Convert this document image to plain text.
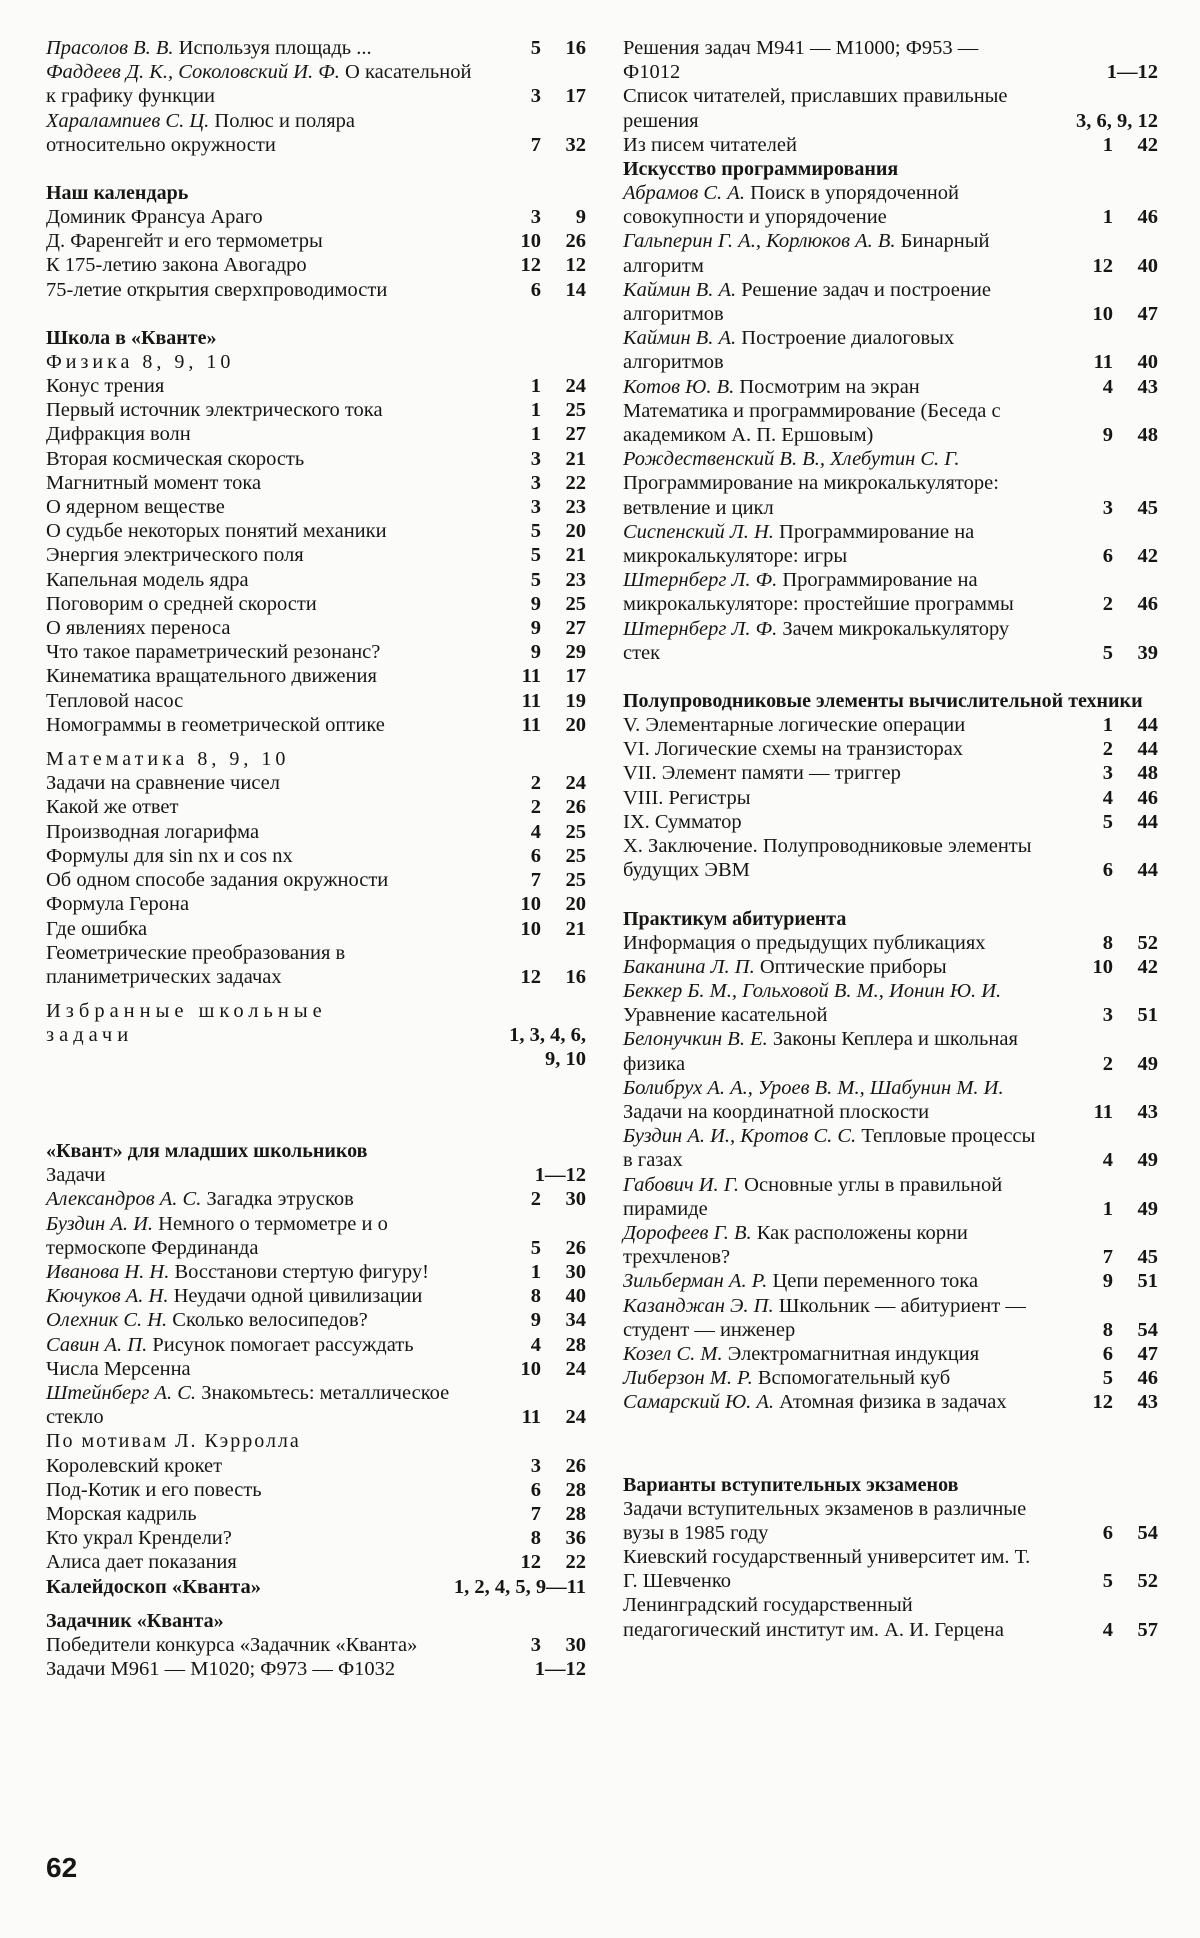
Прасолов В. В. Используя площадь ...	5	16
Фаддеев Д. К., Соколовский И. Ф. О касательной к графику функции	3	17
Харалампиев С. Ц. Полюс и поляра относительно окружности	7	32
Наш календарь
Доминик Франсуа Араго	3	9
Д. Фаренгейт и его термометры	10	26
К 175-летию закона Авогадро	12	12
75-летие открытия сверхпроводимости	6	14
Школа в «Кванте»
Физика 8, 9, 10
Конус трения	1	24
Первый источник электрического тока	1	25
Дифракция волн	1	27
Вторая космическая скорость	3	21
Магнитный момент тока	3	22
О ядерном веществе	3	23
О судьбе некоторых понятий механики	5	20
Энергия электрического поля	5	21
Капельная модель ядра	5	23
Поговорим о средней скорости	9	25
О явлениях переноса	9	27
Что такое параметрический резонанс?	9	29
Кинематика вращательного движения	11	17
Тепловой насос	11	19
Номограммы в геометрической оптике	11	20
Математика 8, 9, 10
Задачи на сравнение чисел	2	24
Какой же ответ	2	26
Производная логарифма	4	25
Формулы для sin nx и cos nx	6	25
Об одном способе задания окружности	7	25
Формула Герона	10	20
Где ошибка	10	21
Геометрические преобразования в планиметрических задачах	12	16
Избранные школьные
задачи	1, 3, 4, 6,
9, 10
«Квант» для младших школьников
Задачи	1—12
Александров А. С. Загадка этрусков	2	30
Буздин А. И. Немного о термометре и о термоскопе Фердинанда	5	26
Иванова Н. Н. Восстанови стертую фигуру!	1	30
Кючуков А. Н. Неудачи одной цивилизации	8	40
Олехник С. Н. Сколько велосипедов?	9	34
Савин А. П. Рисунок помогает рассуждать	4	28
Числа Мерсенна	10	24
Штейнберг А. С. Знакомьтесь: металлическое стекло	11	24
По мотивам Л. Кэрролла
Королевский крокет	3	26
Под-Котик и его повесть	6	28
Морская кадриль	7	28
Кто украл Крендели?	8	36
Алиса дает показания	12	22
Калейдоскоп «Кванта»	1, 2, 4, 5, 9—11
Задачник «Кванта»
Победители конкурса «Задачник «Кванта»	3	30
Задачи М961 — М1020; Ф973 — Ф1032	1—12
Решения задач М941 — М1000; Ф953 — Ф1012	1—12
Список читателей, приславших правильные решения	3, 6, 9, 12
Из писем читателей	1	42
Искусство программирования
Абрамов С. А. Поиск в упорядоченной совокупности и упорядочение	1	46
Гальперин Г. А., Корлюков А. В. Бинарный алгоритм	12	40
Каймин В. А. Решение задач и построение алгоритмов	10	47
Каймин В. А. Построение диалоговых алгоритмов	11	40
Котов Ю. В. Посмотрим на экран	4	43
Математика и программирование (Беседа с академиком А. П. Ершовым)	9	48
Рождественский В. В., Хлебутин С. Г. Программирование на микрокалькуляторе: ветвление и цикл	3	45
Сиспенский Л. Н. Программирование на микрокалькуляторе: игры	6	42
Штернберг Л. Ф. Программирование на микрокалькуляторе: простейшие программы	2	46
Штернберг Л. Ф. Зачем микрокалькулятору стек	5	39
Полупроводниковые элементы вычислительной техники
V. Элементарные логические операции	1	44
VI. Логические схемы на транзисторах	2	44
VII. Элемент памяти — триггер	3	48
VIII. Регистры	4	46
IX. Сумматор	5	44
X. Заключение. Полупроводниковые элементы будущих ЭВМ	6	44
Практикум абитуриента
Информация о предыдущих публикациях	8	52
Баканина Л. П. Оптические приборы	10	42
Беккер Б. М., Гольховой В. М., Ионин Ю. И. Уравнение касательной	3	51
Белонучкин В. Е. Законы Кеплера и школьная физика	2	49
Болибрух А. А., Уроев В. М., Шабунин М. И. Задачи на координатной плоскости	11	43
Буздин А. И., Кротов С. С. Тепловые процессы в газах	4	49
Габович И. Г. Основные углы в правильной пирамиде	1	49
Дорофеев Г. В. Как расположены корни трехчленов?	7	45
Зильберман А. Р. Цепи переменного тока	9	51
Казанджан Э. П. Школьник — абитуриент — студент — инженер	8	54
Козел С. М. Электромагнитная индукция	6	47
Либерзон М. Р. Вспомогательный куб	5	46
Самарский Ю. А. Атомная физика в задачах	12	43
Варианты вступительных экзаменов
Задачи вступительных экзаменов в различные вузы в 1985 году	6	54
Киевский государственный университет им. Т. Г. Шевченко	5	52
Ленинградский государственный педагогический институт им. А. И. Герцена	4	57
62
